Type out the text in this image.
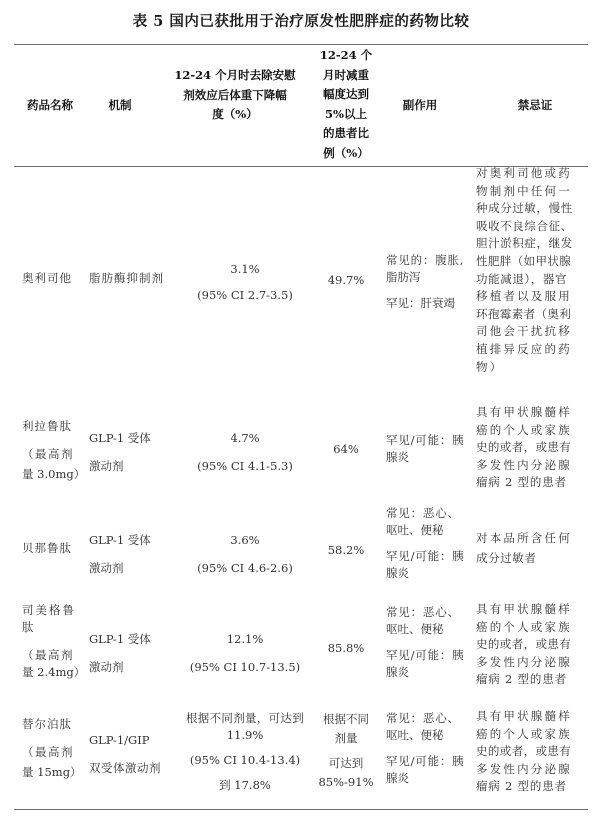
表 5 国内已获批用于治疗原发性肥胖症的药物比较
药品名称	机制
12-24 个月时去除安慰
剂效应后体重下降幅
度（%）
12-24 个
月时减重
幅度达到
5%以上
的患者比
例（%）
副作用	禁忌证
奥利司他 脂肪酶抑制剂
3.1%
(95% CI 2.7-3.5)
49.7%
常见的：腹胀,
脂肪泻
罕见：肝衰竭
对奥利司他或药
物制剂中任何一
种成分过敏，慢性
吸收不良综合征、
胆汁淤积症，继发
性肥胖（如甲状腺
功能减退），器官
移植者以及服用
环孢霉素者（奥利
司他会干扰抗移
植排异反应的药
物）
利拉鲁肽
（最高剂
量 3.0mg）
GLP-1 受体
激动剂
4.7%
(95% CI 4.1-5.3)
64%
罕见/可能：胰
腺炎
具有甲状腺髓样
癌的个人或家族
史的或者，或患有
多发性内分泌腺
瘤病 2 型的患者
贝那鲁肽
GLP-1 受体
激动剂
3.6%
(95% CI 4.6-2.6)
58.2%
常见：恶心、
呕吐、便秘
罕见/可能：胰
腺炎
对本品所含任何
成分过敏者
司美格鲁
肽
（最高剂
量 2.4mg）
GLP-1 受体
激动剂
12.1%
(95% CI 10.7-13.5)
85.8%
常见：恶心、
呕吐、便秘
罕见/可能：胰
腺炎
具有甲状腺髓样
癌的个人或家族
史的或者，或患有
多发性内分泌腺
瘤病 2 型的患者
替尔泊肽
（最高剂
量 15mg）
GLP-1/GIP
双受体激动剂
根据不同剂量，可达到
11.9%
(95% CI 10.4-13.4)
到 17.8%
根据不同
剂量
可达到
85%-91%
常见：恶心、
呕吐、便秘
罕见/可能：胰
腺炎
具有甲状腺髓样
癌的个人或家族
史的或者，或患有
多发性内分泌腺
瘤病 2 型的患者
